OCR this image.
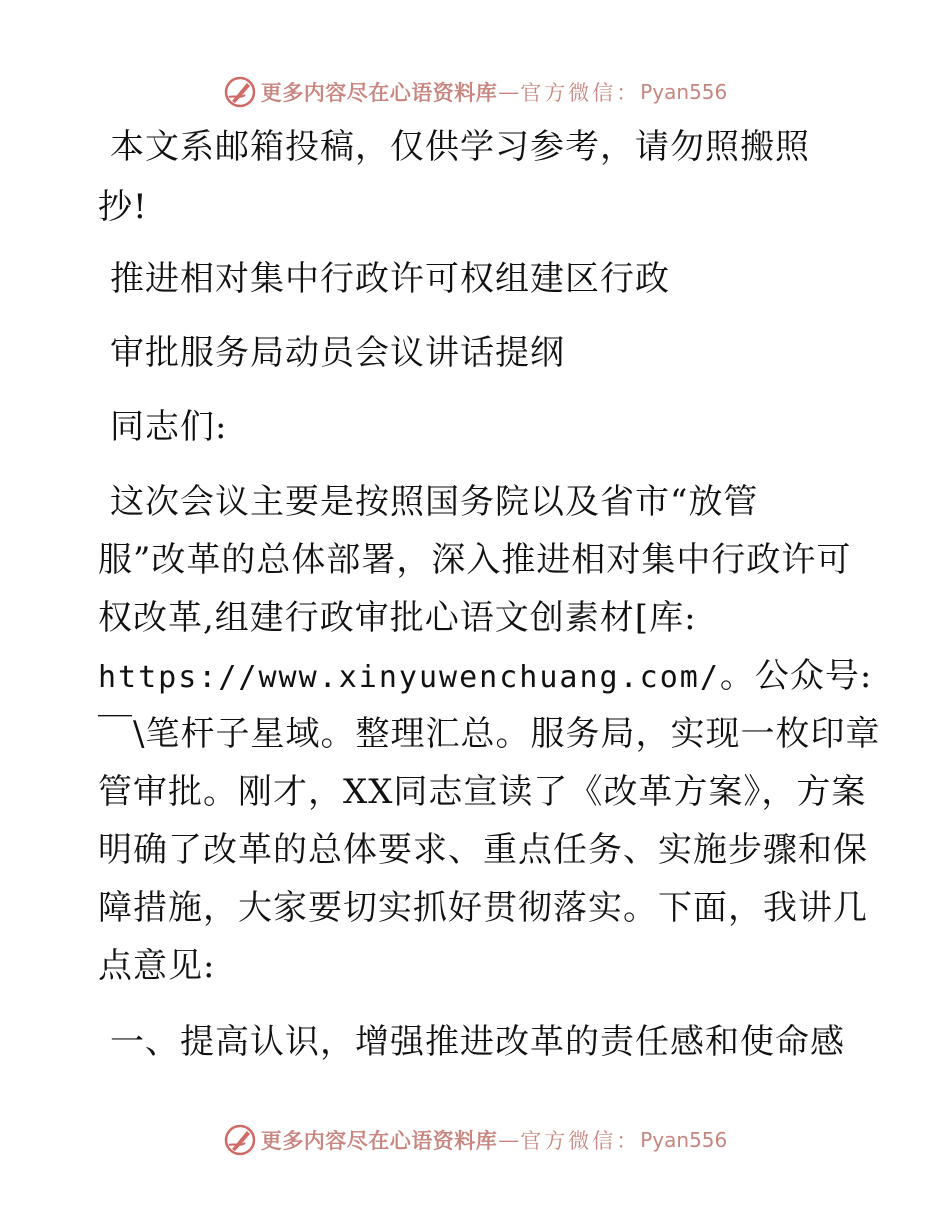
更多内容尽在心语资料库 — 官方微信： Pyan556
本文系邮箱投稿，仅供学习参考，请勿照搬照
抄!
推进相对集中行政许可权组建区行政
审批服务局动员会议讲话提纲
同志们:
这次会议主要是按照国务院以及省市“放管
服”改革的总体部署，深入推进相对集中行政许可
权改革,组建行政审批心语文创素材[库:
https://www.xinyuwenchuang.com/。公众号:
￣\笔杆子星域。整理汇总。服务局，实现一枚印章
管审批。刚才，XX同志宣读了《改革方案》，方案
明确了改革的总体要求、重点任务、实施步骤和保
障措施，大家要切实抓好贯彻落实。下面，我讲几
点意见:
一、提高认识，增强推进改革的责任感和使命感
更多内容尽在心语资料库 — 官方微信： Pyan556
